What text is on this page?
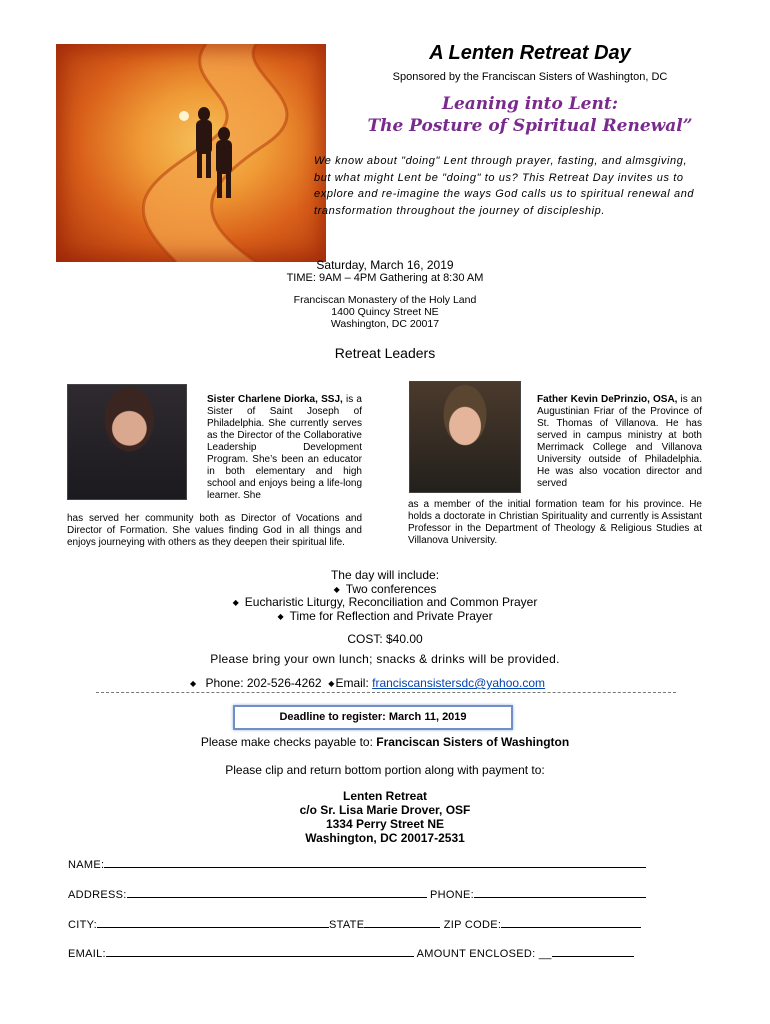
A Lenten Retreat Day
Sponsored by the Franciscan Sisters of Washington, DC
Leaning into Lent:
The Posture of Spiritual Renewal”
We know about "doing" Lent through prayer, fasting, and almsgiving, but what might Lent be "doing" to us? This Retreat Day invites us to explore and re-imagine the ways God calls us to spiritual renewal and transformation throughout the journey of discipleship.
Saturday, March 16, 2019
TIME: 9AM – 4PM Gathering at 8:30 AM
Franciscan Monastery of the Holy Land
1400 Quincy Street NE
Washington, DC 20017
Retreat Leaders
Sister Charlene Diorka, SSJ, is a Sister of Saint Joseph of Philadelphia. She currently serves as the Director of the Collaborative Leadership Development Program. She’s been an educator in both elementary and high school and enjoys being a life-long learner. She
has served her community both as Director of Vocations and Director of Formation. She values finding God in all things and enjoys journeying with others as they deepen their spiritual life.
Father Kevin DePrinzio, OSA, is an Augustinian Friar of the Province of St. Thomas of Villanova. He has served in campus ministry at both Merrimack College and Villanova University outside of Philadelphia. He was also vocation director and served
as a member of the initial formation team for his province. He holds a doctorate in Christian Spirituality and currently is Assistant Professor in the Department of Theology & Religious Studies at Villanova University.
The day will include:
◆ Two conferences
◆ Eucharistic Liturgy, Reconciliation and Common Prayer
◆ Time for Reflection and Private Prayer
COST: $40.00
Please bring your own lunch; snacks & drinks will be provided.
◆ Phone: 202-526-4262 ◆Email: franciscansistersdc@yahoo.com
Deadline to register: March 11, 2019
Please make checks payable to: Franciscan Sisters of Washington
Please clip and return bottom portion along with payment to:
Lenten Retreat
c/o Sr. Lisa Marie Drover, OSF
1334 Perry Street NE
Washington, DC 20017-2531
NAME:
ADDRESS:	PHONE:
CITY:	STATE	ZIP CODE:
EMAIL:	AMOUNT ENCLOSED: __
